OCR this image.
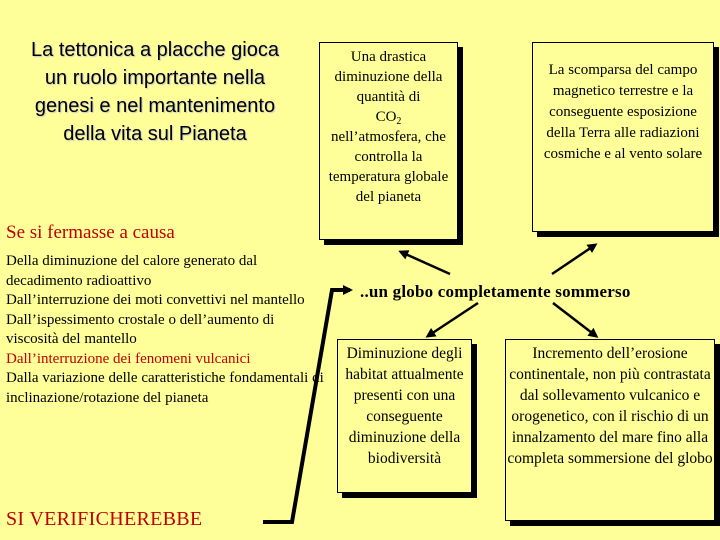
La tettonica a placche gioca un ruolo importante nella genesi e nel mantenimento della vita sul Pianeta
Se si fermasse a causa
Della diminuzione del calore generato dal decadimento radioattivo
Dall’interruzione dei moti convettivi nel mantello
Dall’ispessimento crostale o dell’aumento di viscosità del mantello
Dall’interruzione dei fenomeni vulcanici
Dalla variazione delle caratteristiche fondamentali di inclinazione/rotazione del pianeta
SI VERIFICHEREBBE
Una drastica diminuzione della quantità di
$CO_2$
nell’atmosfera, che controlla la temperatura globale del pianeta
La scomparsa del campo magnetico terrestre e la conseguente esposizione della Terra alle radiazioni cosmiche e al vento solare
..un globo completamente sommerso
Diminuzione degli habitat attualmente presenti con una conseguente diminuzione della biodiversità
Incremento dell’erosione continentale, non più contrastata dal sollevamento vulcanico e orogenetico, con il rischio di un innalzamento del mare fino alla completa sommersione del globo
